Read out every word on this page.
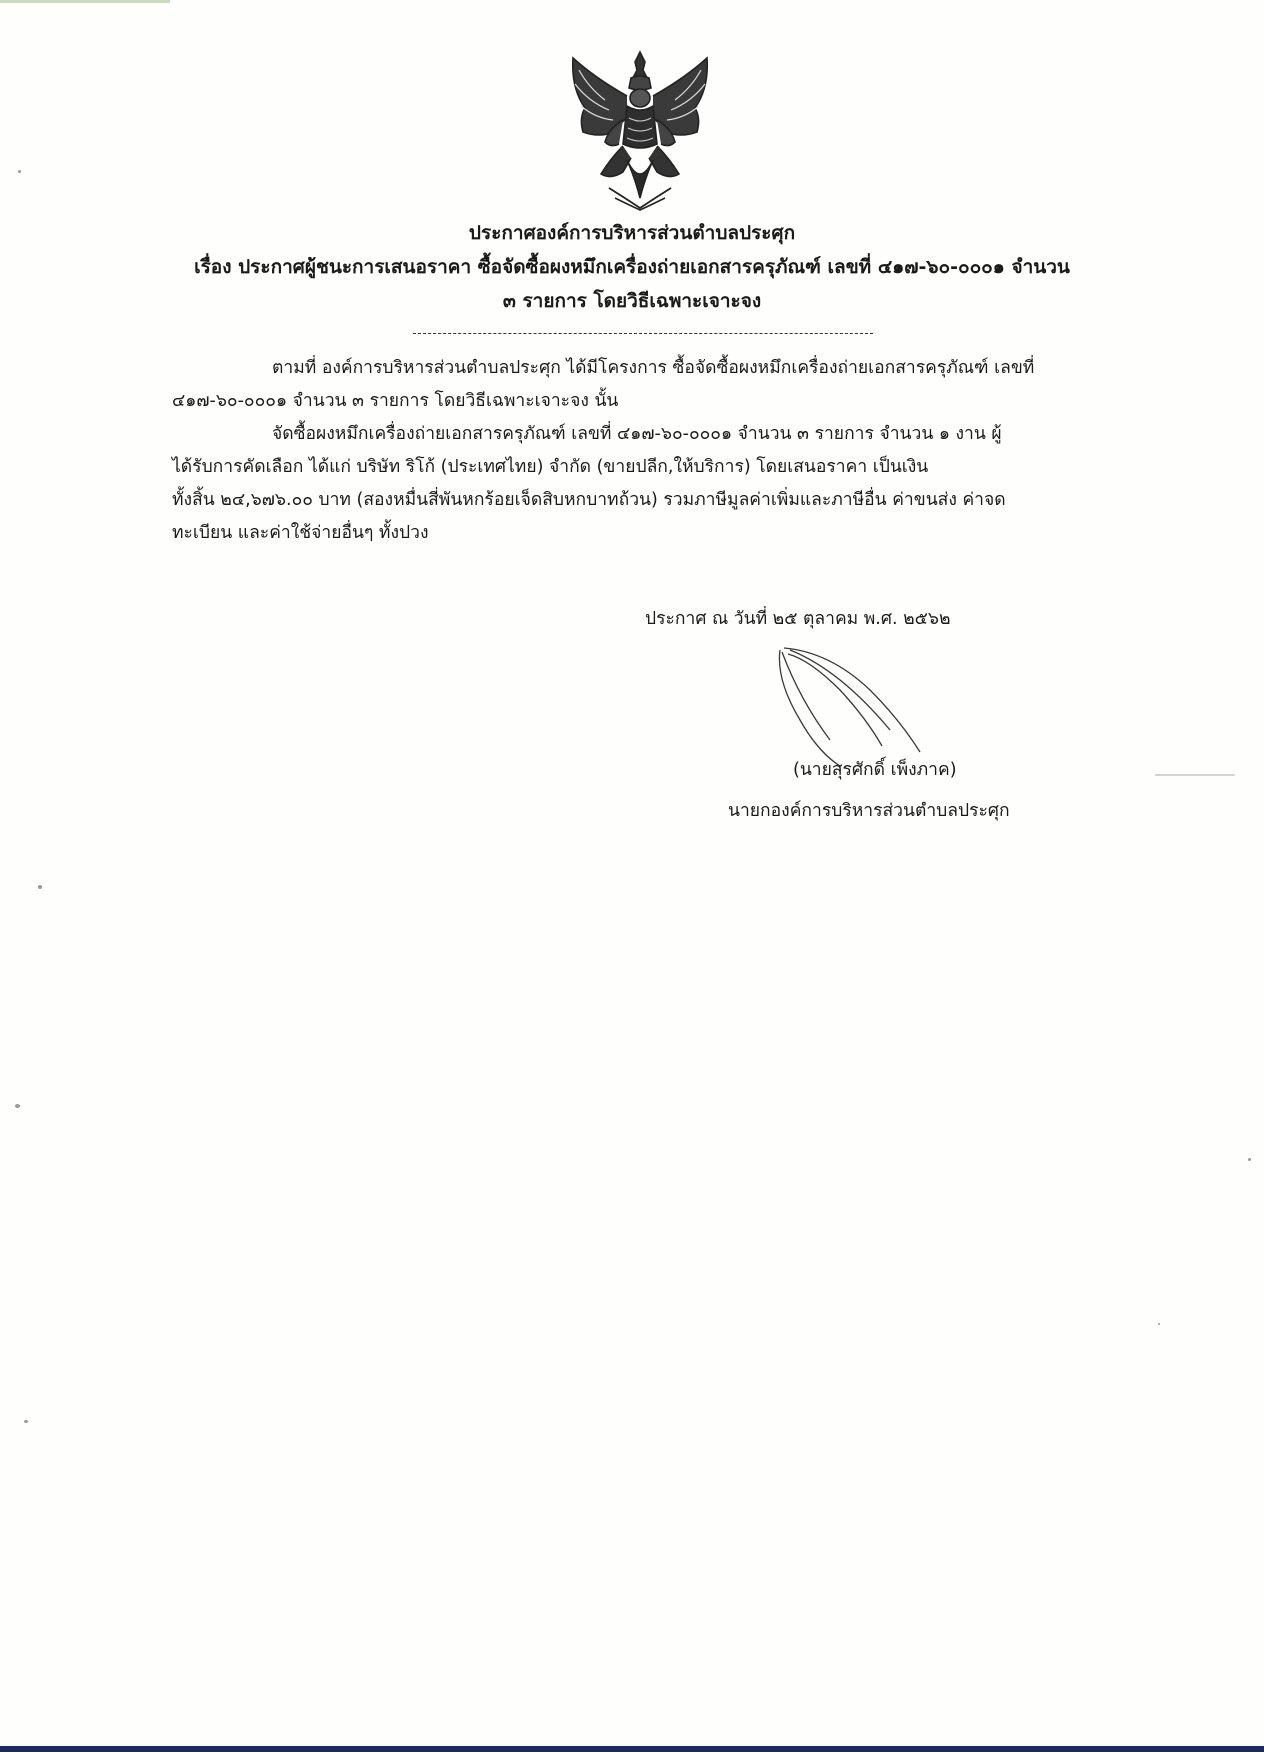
ประกาศองค์การบริหารส่วนตำบลประศุก
เรื่อง ประกาศผู้ชนะการเสนอราคา ซื้อจัดซื้อผงหมึกเครื่องถ่ายเอกสารครุภัณฑ์ เลขที่ ๔๑๗-๖๐-๐๐๐๑ จำนวน
๓ รายการ โดยวิธีเฉพาะเจาะจง
ตามที่ องค์การบริหารส่วนตำบลประศุก ได้มีโครงการ ซื้อจัดซื้อผงหมึกเครื่องถ่ายเอกสารครุภัณฑ์ เลขที่
๔๑๗-๖๐-๐๐๐๑ จำนวน ๓ รายการ โดยวิธีเฉพาะเจาะจง นั้น
จัดซื้อผงหมึกเครื่องถ่ายเอกสารครุภัณฑ์ เลขที่ ๔๑๗-๖๐-๐๐๐๑ จำนวน ๓ รายการ จำนวน ๑ งาน ผู้
ได้รับการคัดเลือก ได้แก่ บริษัท ริโก้ (ประเทศไทย) จำกัด (ขายปลีก,ให้บริการ) โดยเสนอราคา เป็นเงิน
ทั้งสิ้น ๒๔,๖๗๖.๐๐ บาท (สองหมื่นสี่พันหกร้อยเจ็ดสิบหกบาทถ้วน) รวมภาษีมูลค่าเพิ่มและภาษีอื่น ค่าขนส่ง ค่าจด
ทะเบียน และค่าใช้จ่ายอื่นๆ ทั้งปวง
ประกาศ ณ วันที่ ๒๕ ตุลาคม พ.ศ. ๒๕๖๒
(นายสุรศักดิ์ เพ็งภาค)
นายกองค์การบริหารส่วนตำบลประศุก
